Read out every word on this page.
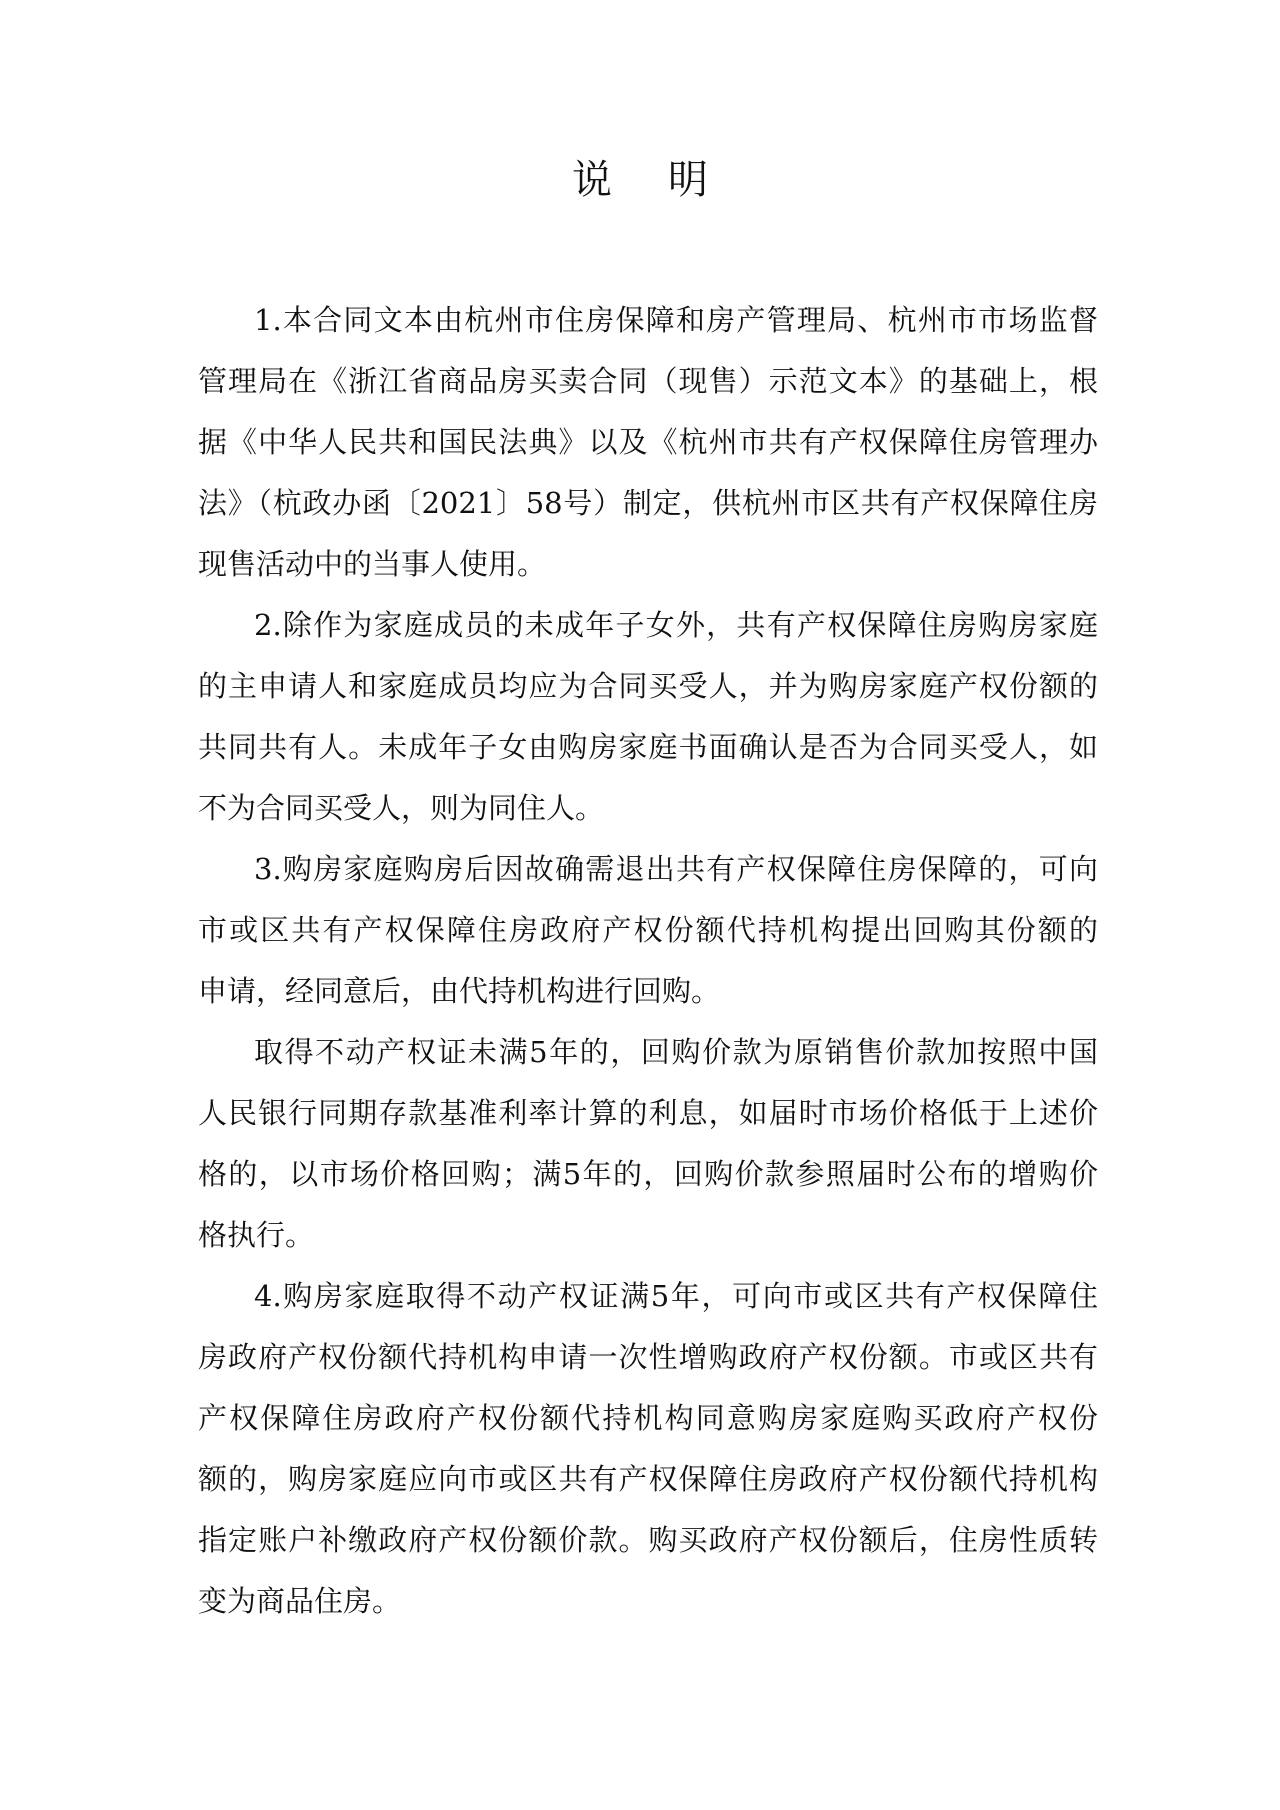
说明
1.本合同文本由杭州市住房保障和房产管理局、杭州市市场监督
管理局在《浙江省商品房买卖合同（现售）示范文本》的基础上，根
据《中华人民共和国民法典》以及《杭州市共有产权保障住房管理办
法》（杭政办函〔2021〕58号）制定，供杭州市区共有产权保障住房
现售活动中的当事人使用。
2.除作为家庭成员的未成年子女外，共有产权保障住房购房家庭
的主申请人和家庭成员均应为合同买受人，并为购房家庭产权份额的
共同共有人。未成年子女由购房家庭书面确认是否为合同买受人，如
不为合同买受人，则为同住人。
3.购房家庭购房后因故确需退出共有产权保障住房保障的，可向
市或区共有产权保障住房政府产权份额代持机构提出回购其份额的
申请，经同意后，由代持机构进行回购。
取得不动产权证未满5年的，回购价款为原销售价款加按照中国
人民银行同期存款基准利率计算的利息，如届时市场价格低于上述价
格的，以市场价格回购；满5年的，回购价款参照届时公布的增购价
格执行。
4.购房家庭取得不动产权证满5年，可向市或区共有产权保障住
房政府产权份额代持机构申请一次性增购政府产权份额。市或区共有
产权保障住房政府产权份额代持机构同意购房家庭购买政府产权份
额的，购房家庭应向市或区共有产权保障住房政府产权份额代持机构
指定账户补缴政府产权份额价款。购买政府产权份额后，住房性质转
变为商品住房。
